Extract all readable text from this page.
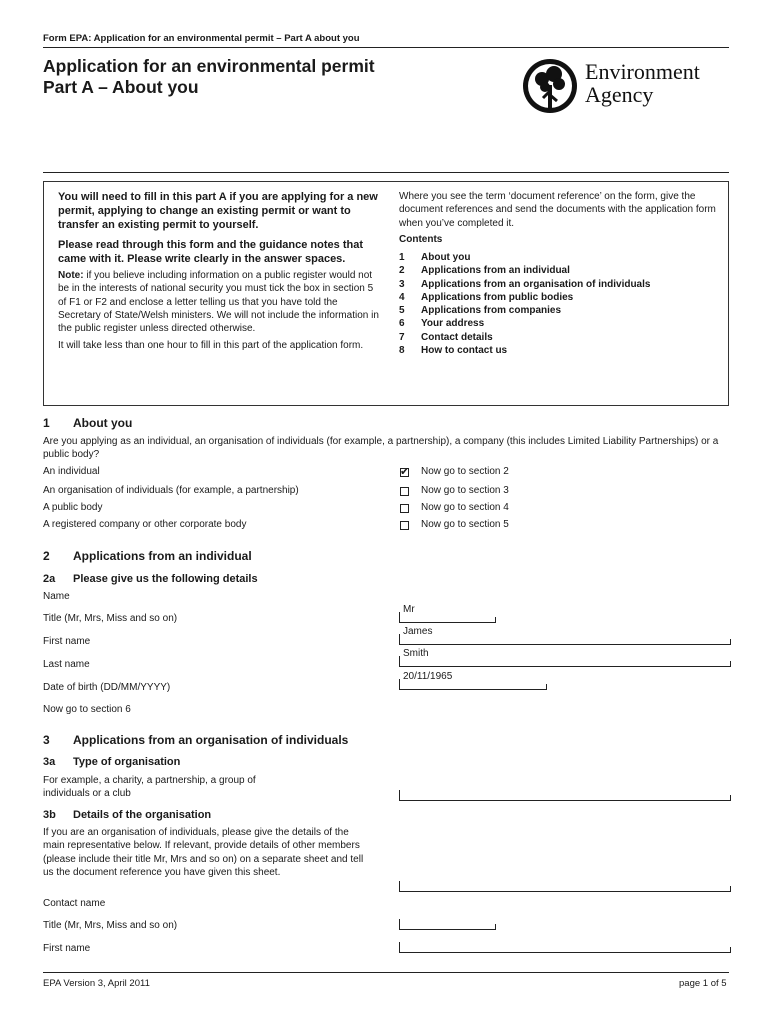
Form EPA: Application for an environmental permit – Part A about you
Application for an environmental permit
Part A – About you
Environment
Agency
You will need to fill in this part A if you are applying for a new permit, applying to change an existing permit or want to transfer an existing permit to yourself.
Please read through this form and the guidance notes that came with it. Please write clearly in the answer spaces.
Note: if you believe including information on a public register would not be in the interests of national security you must tick the box in section 5 of F1 or F2 and enclose a letter telling us that you have told the Secretary of State/Welsh ministers. We will not include the information in the public register unless directed otherwise.
It will take less than one hour to fill in this part of the application form.
Where you see the term ‘document reference’ on the form, give the document references and send the documents with the application form when you’ve completed it.
Contents
1 About you
2 Applications from an individual
3 Applications from an organisation of individuals
4 Applications from public bodies
5 Applications from companies
6 Your address
7 Contact details
8 How to contact us
1 About you
Are you applying as an individual, an organisation of individuals (for example, a partnership), a company (this includes Limited Liability Partnerships) or a public body?
An individual
✔	Now go to section 2
An organisation of individuals (for example, a partnership)	Now go to section 3
A public body	Now go to section 4
A registered company or other corporate body	Now go to section 5
2 Applications from an individual
2a Please give us the following details
Name
Title (Mr, Mrs, Miss and so on)
Mr
First name
James
Last name
Smith
Date of birth (DD/MM/YYYY)
20/11/1965
Now go to section 6
3 Applications from an organisation of individuals
3a Type of organisation
For example, a charity, a partnership, a group of individuals or a club
3b Details of the organisation
If you are an organisation of individuals, please give the details of the main representative below. If relevant, provide details of other members (please include their title Mr, Mrs and so on) on a separate sheet and tell us the document reference you have given this sheet.
Contact name
Title (Mr, Mrs, Miss and so on)
First name
EPA Version 3, April 2011	page 1 of 5
